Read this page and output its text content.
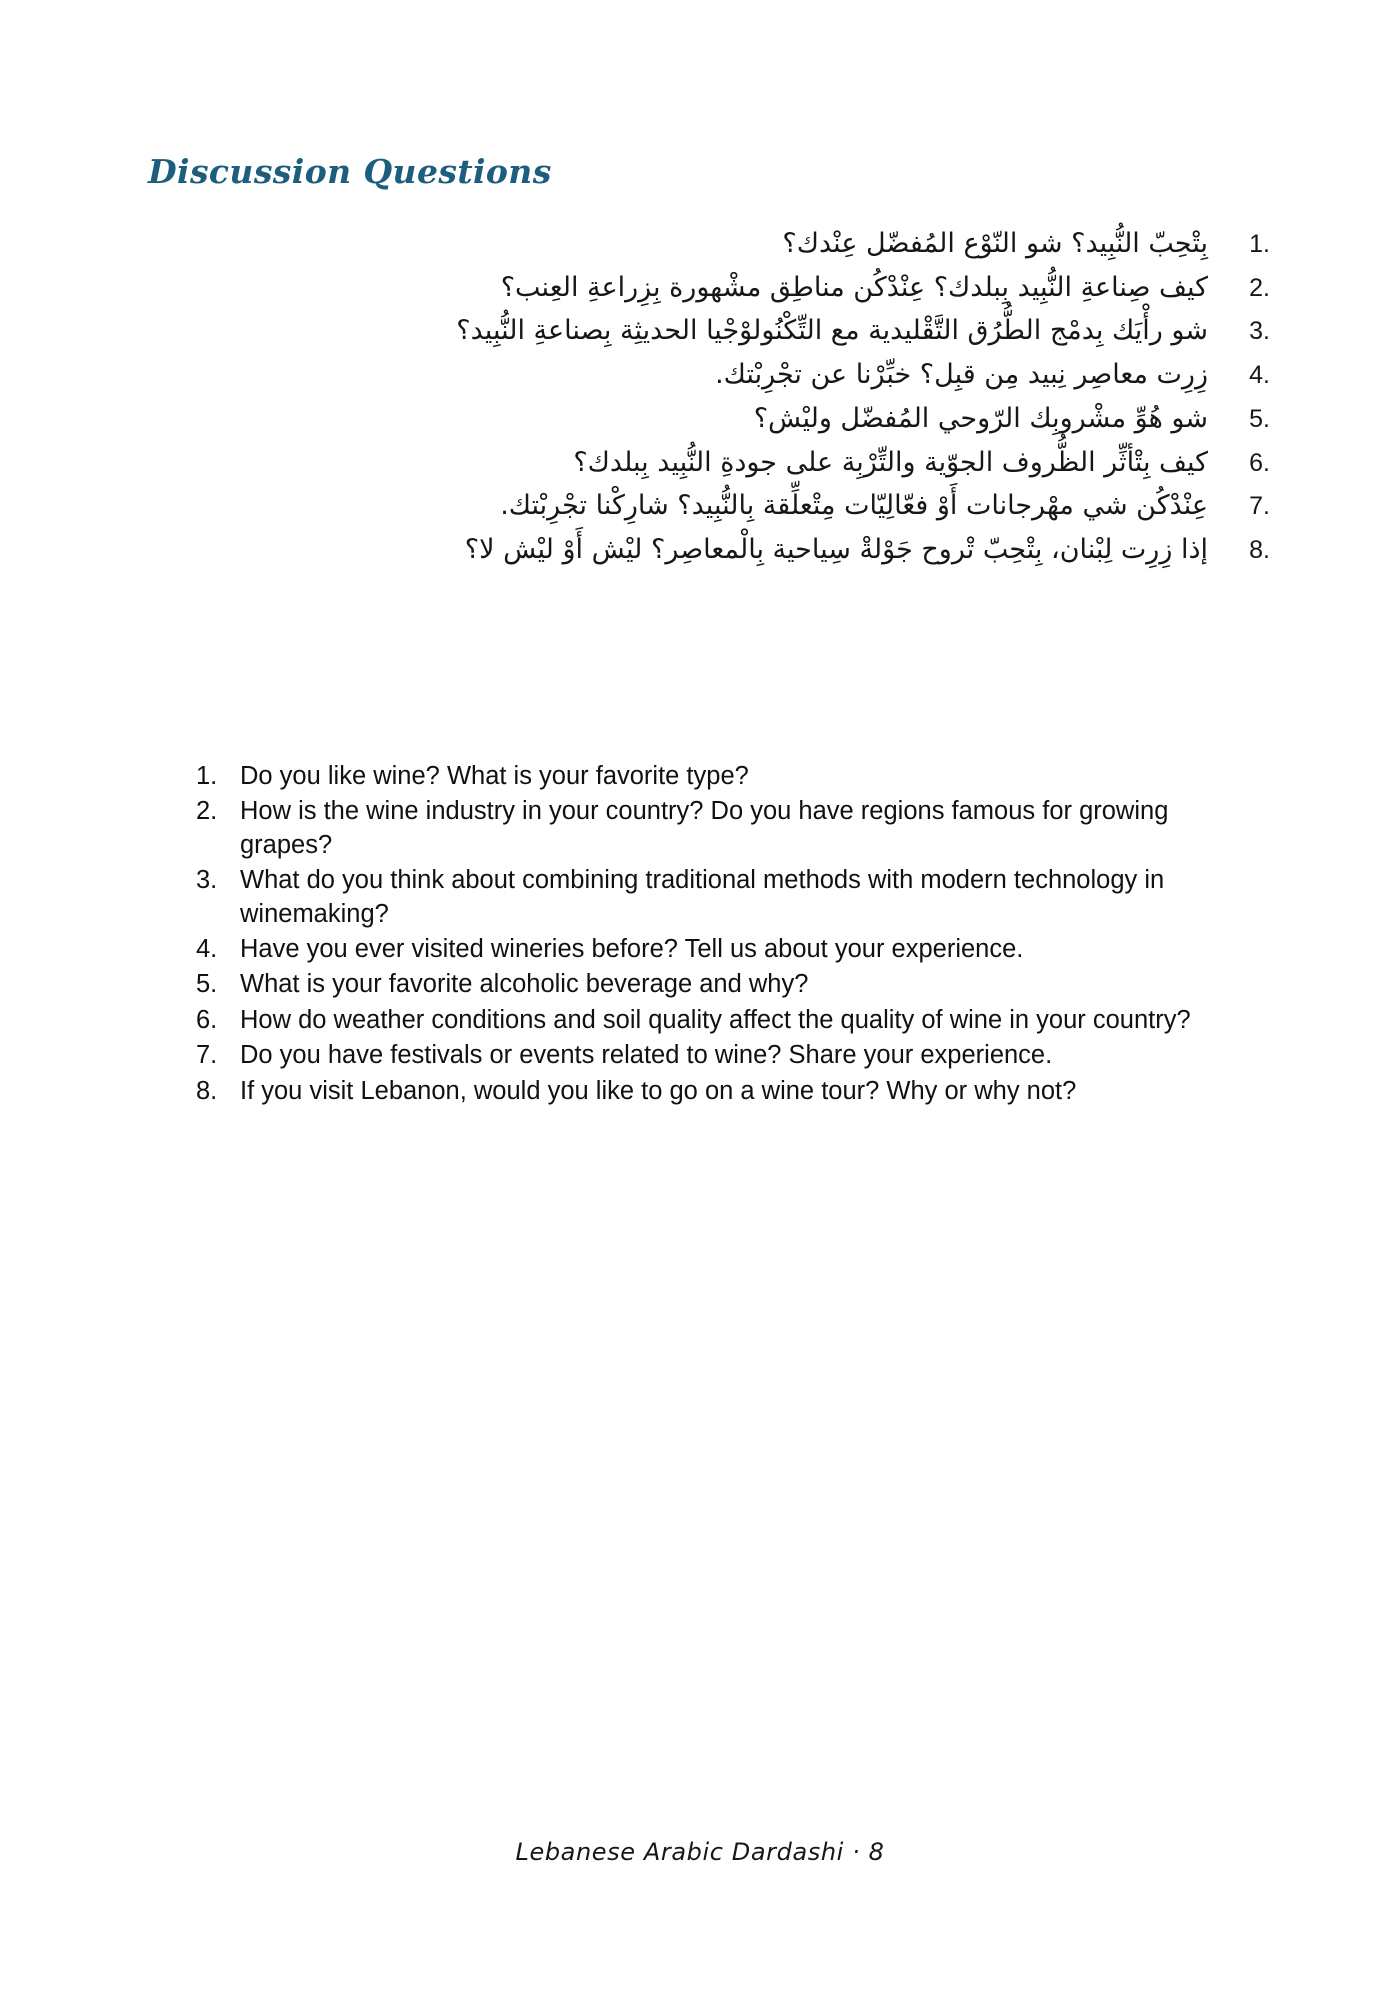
Discussion Questions
1.
بِتْحِبّ النُّبِيد؟ شو النّوْع المُفضّل عِنْدك؟
2.
كيف صِناعةِ النُّبِيد بِبلدك؟ عِنْدْكُن مناطِق مشْهورة بِزِراعةِ العِنب؟
3.
شو رأْيَك بِدمْج الطُّرُق التَّقْليدية مع التِّكْنُولوْجْيا الحديثِة بِصناعةِ النُّبِيد؟
4.
زِرِت معاصِر نِبيد مِن قبِل؟ خبِّرْنا عن تجْرِبْتك.
5.
شو هُوِّ مشْروبِك الرّوحي المُفضّل وليْش؟
6.
كيف بِتْأثِّر الظُّروف الجوّية والتِّرْبِة على جودةِ النُّبِيد بِبلدك؟
7.
عِنْدْكُن شي مهْرجانات أَوْ فعّالِيّات مِتْعلِّقة بِالنُّبِيد؟ شارِكْنا تجْرِبْتك.
8.
إذا زِرِت لِبْنان، بِتْحِبّ تْروح جَوْلةْ سِياحية بِالْمعاصِر؟ ليْش أَوْ ليْش لا؟
1. Do you like wine? What is your favorite type?
2. How is the wine industry in your country? Do you have regions famous for growing grapes?
3. What do you think about combining traditional methods with modern technology in winemaking?
4. Have you ever visited wineries before? Tell us about your experience.
5. What is your favorite alcoholic beverage and why?
6. How do weather conditions and soil quality affect the quality of wine in your country?
7. Do you have festivals or events related to wine? Share your experience.
8. If you visit Lebanon, would you like to go on a wine tour? Why or why not?
Lebanese Arabic Dardashi · 8
